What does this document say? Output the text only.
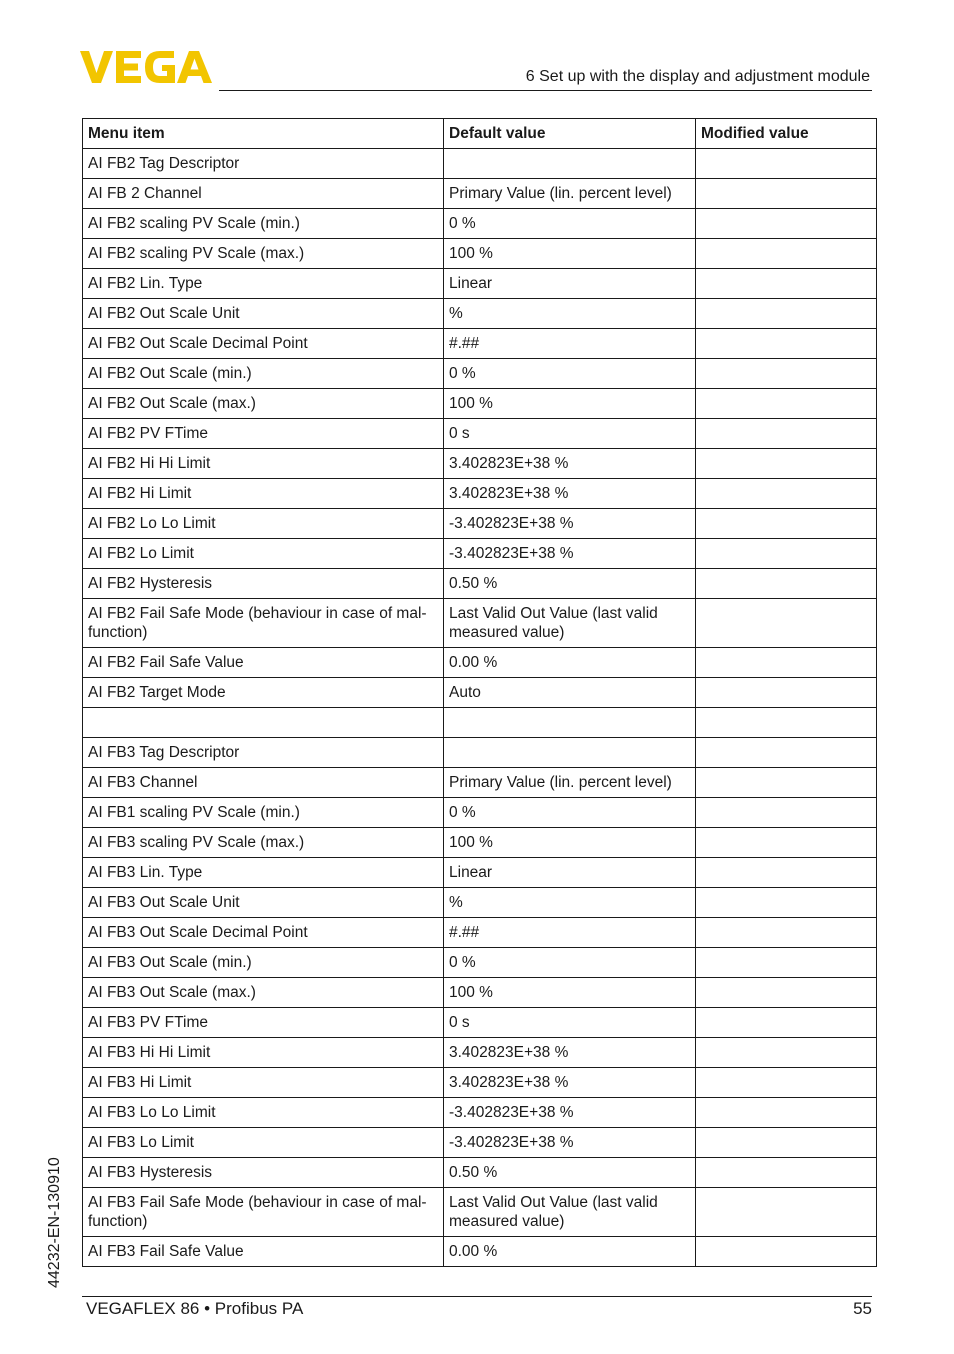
6 Set up with the display and adjustment module
Menu item	Default value	Modified value
AI FB2 Tag Descriptor		
AI FB 2 Channel	Primary Value (lin. percent level)	
AI FB2 scaling PV Scale (min.)	0 %	
AI FB2 scaling PV Scale (max.)	100 %	
AI FB2 Lin. Type	Linear	
AI FB2 Out Scale Unit	%	
AI FB2 Out Scale Decimal Point	#.##	
AI FB2 Out Scale (min.)	0 %	
AI FB2 Out Scale (max.)	100 %	
AI FB2 PV FTime	0 s	
AI FB2 Hi Hi Limit	3.402823E+38 %	
AI FB2 Hi Limit	3.402823E+38 %	
AI FB2 Lo Lo Limit	-3.402823E+38 %	
AI FB2 Lo Limit	-3.402823E+38 %	
AI FB2 Hysteresis	0.50 %	
AI FB2 Fail Safe Mode (behaviour in case of mal-
function)	Last Valid Out Value (last valid
measured value)	
AI FB2 Fail Safe Value	0.00 %	
AI FB2 Target Mode	Auto	

AI FB3 Tag Descriptor		
AI FB3 Channel	Primary Value (lin. percent level)	
AI FB1 scaling PV Scale (min.)	0 %	
AI FB3 scaling PV Scale (max.)	100 %	
AI FB3 Lin. Type	Linear	
AI FB3 Out Scale Unit	%	
AI FB3 Out Scale Decimal Point	#.##	
AI FB3 Out Scale (min.)	0 %	
AI FB3 Out Scale (max.)	100 %	
AI FB3 PV FTime	0 s	
AI FB3 Hi Hi Limit	3.402823E+38 %	
AI FB3 Hi Limit	3.402823E+38 %	
AI FB3 Lo Lo Limit	-3.402823E+38 %	
AI FB3 Lo Limit	-3.402823E+38 %	
AI FB3 Hysteresis	0.50 %	
AI FB3 Fail Safe Mode (behaviour in case of mal-
function)	Last Valid Out Value (last valid
measured value)	
AI FB3 Fail Safe Value	0.00 %	
44232-EN-130910
VEGAFLEX 86 • Profibus PA	55
